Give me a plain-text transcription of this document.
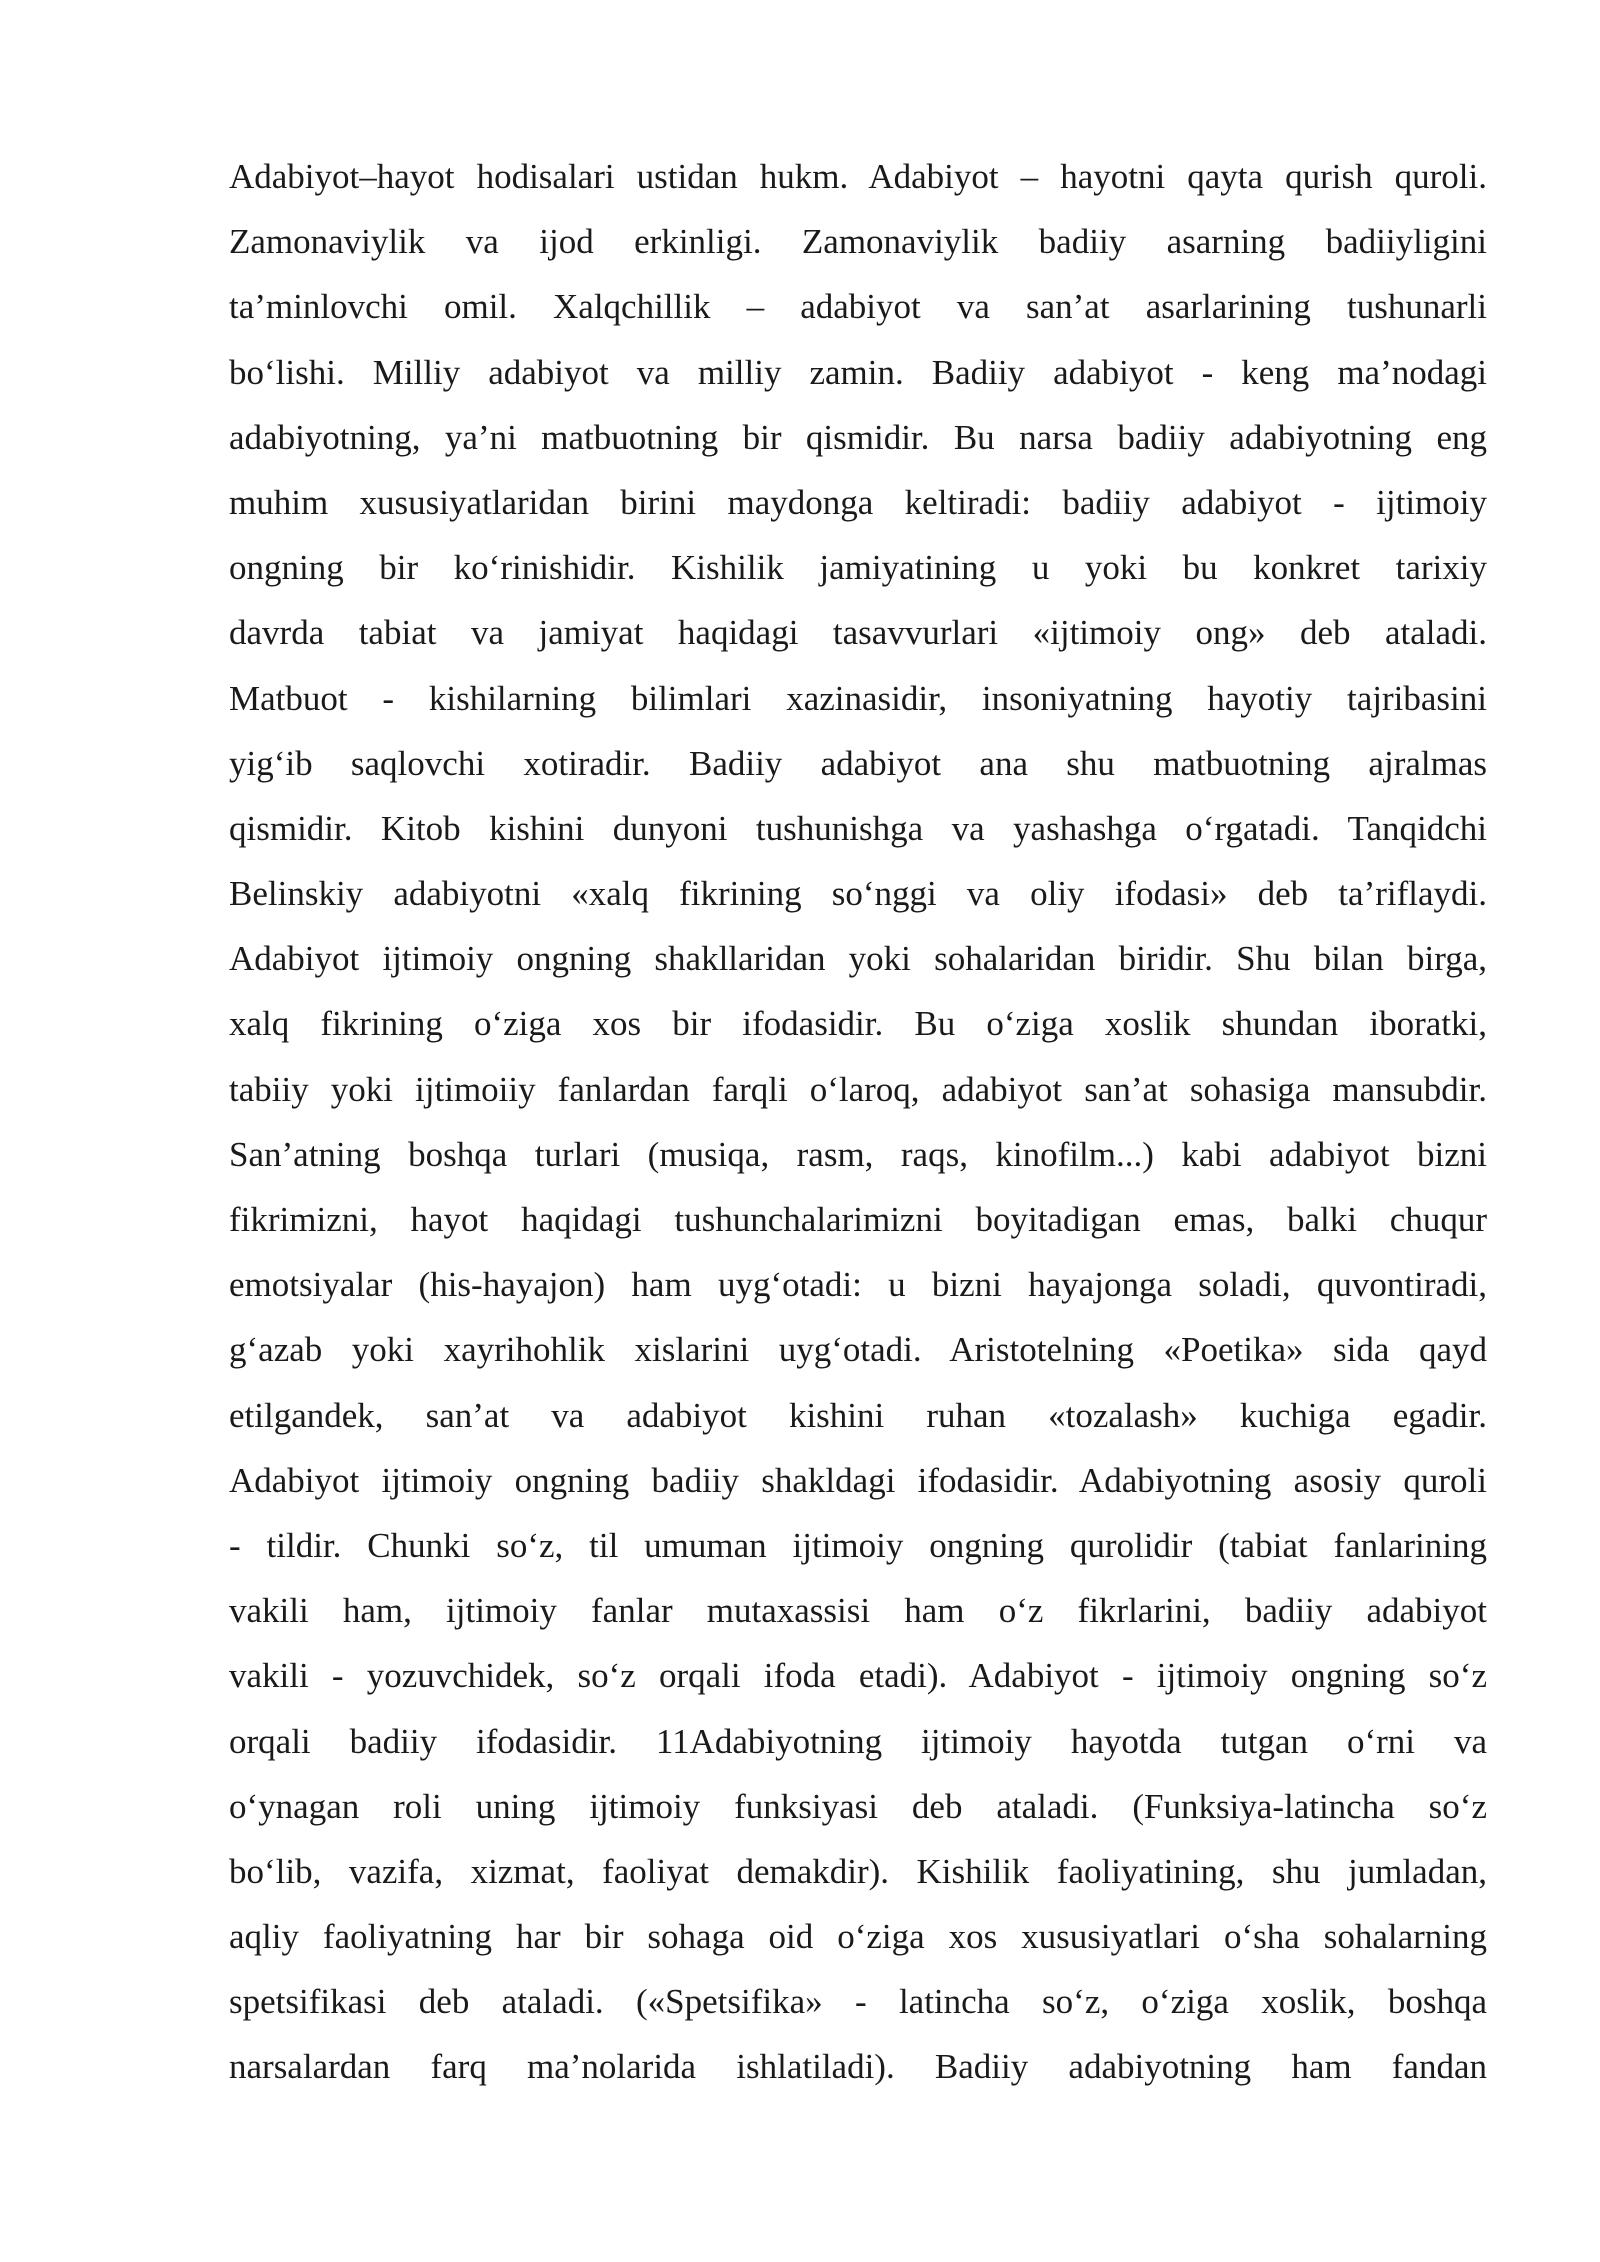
Adabiyot–hayot hodisalari ustidan hukm. Adabiyot – hayotni qayta qurish quroli.
Zamonaviylik va ijod erkinligi. Zamonaviylik badiiy asarning badiiyligini
ta’minlovchi omil. Xalqchillik – adabiyot va san’at asarlarining tushunarli
bo‘lishi. Milliy adabiyot va milliy zamin. Badiiy adabiyot - keng ma’nodagi
adabiyotning, ya’ni matbuotning bir qismidir. Bu narsa badiiy adabiyotning eng
muhim xususiyatlaridan birini maydonga keltiradi: badiiy adabiyot - ijtimoiy
ongning bir ko‘rinishidir. Kishilik jamiyatining u yoki bu konkret tarixiy
davrda tabiat va jamiyat haqidagi tasavvurlari «ijtimoiy ong» deb ataladi.
Matbuot - kishilarning bilimlari xazinasidir, insoniyatning hayotiy tajribasini
yig‘ib saqlovchi xotiradir. Badiiy adabiyot ana shu matbuotning ajralmas
qismidir. Kitob kishini dunyoni tushunishga va yashashga o‘rgatadi. Tanqidchi
Belinskiy adabiyotni «xalq fikrining so‘nggi va oliy ifodasi» deb ta’riflaydi.
Adabiyot ijtimoiy ongning shakllaridan yoki sohalaridan biridir. Shu bilan birga,
xalq fikrining o‘ziga xos bir ifodasidir. Bu o‘ziga xoslik shundan iboratki,
tabiiy yoki ijtimoiiy fanlardan farqli o‘laroq, adabiyot san’at sohasiga mansubdir.
San’atning boshqa turlari (musiqa, rasm, raqs, kinofilm...) kabi adabiyot bizni
fikrimizni, hayot haqidagi tushunchalarimizni boyitadigan emas, balki chuqur
emotsiyalar (his-hayajon) ham uyg‘otadi: u bizni hayajonga soladi, quvontiradi,
g‘azab yoki xayrihohlik xislarini uyg‘otadi. Aristotelning «Poetika» sida qayd
etilgandek, san’at va adabiyot kishini ruhan «tozalash» kuchiga egadir.
Adabiyot ijtimoiy ongning badiiy shakldagi ifodasidir. Adabiyotning asosiy quroli
- tildir. Chunki so‘z, til umuman ijtimoiy ongning qurolidir (tabiat fanlarining
vakili ham, ijtimoiy fanlar mutaxassisi ham o‘z fikrlarini, badiiy adabiyot
vakili - yozuvchidek, so‘z orqali ifoda etadi). Adabiyot - ijtimoiy ongning so‘z
orqali badiiy ifodasidir. 11Adabiyotning ijtimoiy hayotda tutgan o‘rni va
o‘ynagan roli uning ijtimoiy funksiyasi deb ataladi. (Funksiya-latincha so‘z
bo‘lib, vazifa, xizmat, faoliyat demakdir). Kishilik faoliyatining, shu jumladan,
aqliy faoliyatning har bir sohaga oid o‘ziga xos xususiyatlari o‘sha sohalarning
spetsifikasi deb ataladi. («Spetsifika» - latincha so‘z, o‘ziga xoslik, boshqa
narsalardan farq ma’nolarida ishlatiladi). Badiiy adabiyotning ham fandan
